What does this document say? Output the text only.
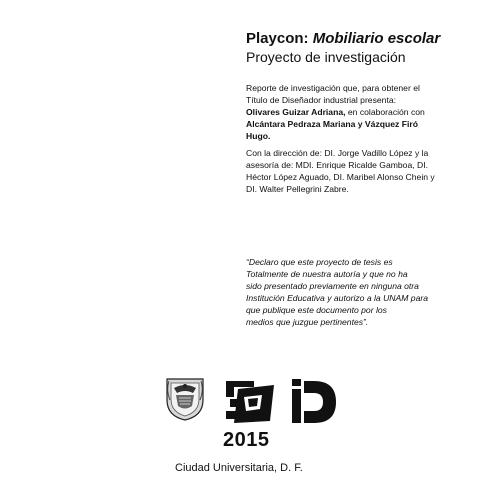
Playcon: Mobiliario escolar
Proyecto de investigación
Reporte de investigación que, para obtener el
Título de Diseñador industrial presenta:
Olivares Guizar Adriana, en colaboración con
Alcántara Pedraza Mariana y Vázquez Firó
Hugo.
Con la dirección de: DI. Jorge Vadillo López y la
asesoría de: MDI. Enrique Ricalde Gamboa, DI.
Héctor López Aguado, DI. Maribel Alonso Chein y
DI. Walter Pellegrini Zabre.
“Declaro que este proyecto de tesis es
Totalmente de nuestra autoría y que no ha
sido presentado previamente en ninguna otra
Institución Educativa y autorizo a la UNAM para
que publique este documento por los
medios que juzgue pertinentes”.
2015
Ciudad Universitaria, D. F.
